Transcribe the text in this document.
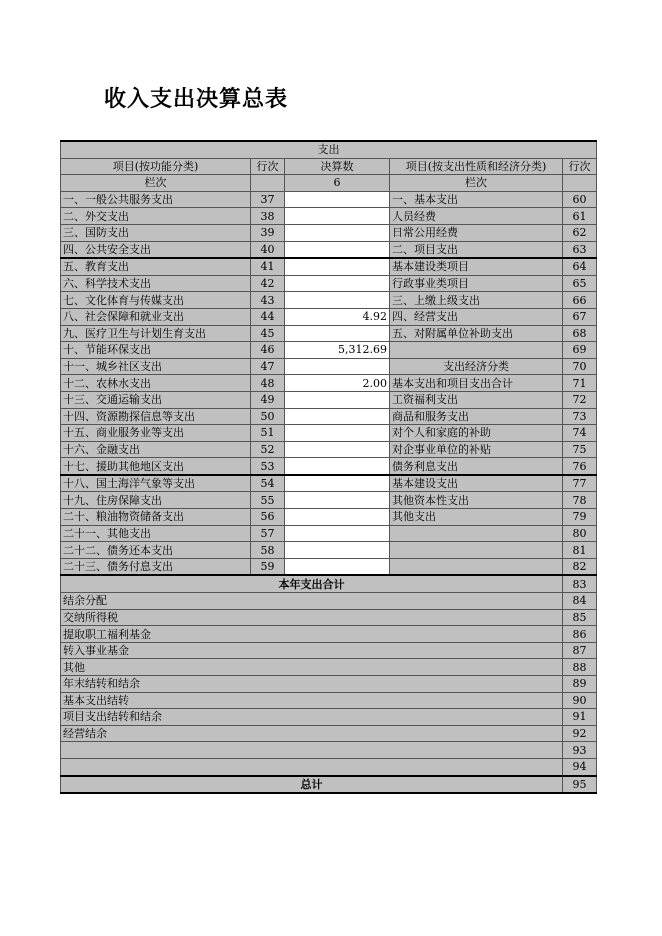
收入支出决算总表
支出				
项目(按功能分类)	行次	决算数	项目(按支出性质和经济分类)	行次
栏次		6	栏次	
一、一般公共服务支出	37		一、基本支出	60
二、外交支出	38		人员经费	61
三、国防支出	39		日常公用经费	62
四、公共安全支出	40		二、项目支出	63
五、教育支出	41		基本建设类项目	64
六、科学技术支出	42		行政事业类项目	65
七、文化体育与传媒支出	43		三、上缴上级支出	66
八、社会保障和就业支出	44	4.92	四、经营支出	67
九、医疗卫生与计划生育支出	45		五、对附属单位补助支出	68
十、节能环保支出	46	5,312.69		69
十一、城乡社区支出	47		支出经济分类	70
十二、农林水支出	48	2.00	基本支出和项目支出合计	71
十三、交通运输支出	49		工资福利支出	72
十四、资源勘探信息等支出	50		商品和服务支出	73
十五、商业服务业等支出	51		对个人和家庭的补助	74
十六、金融支出	52		对企事业单位的补贴	75
十七、援助其他地区支出	53		债务利息支出	76
十八、国土海洋气象等支出	54		基本建设支出	77
十九、住房保障支出	55		其他资本性支出	78
二十、粮油物资储备支出	56		其他支出	79
二十一、其他支出	57			80
二十二、债务还本支出	58			81
二十三、债务付息支出	59			82
本年支出合计				83
结余分配				84
交纳所得税				85
提取职工福利基金				86
转入事业基金				87
其他				88
年末结转和结余				89
基本支出结转				90
项目支出结转和结余				91
经营结余				92
				93
				94
总计				95
